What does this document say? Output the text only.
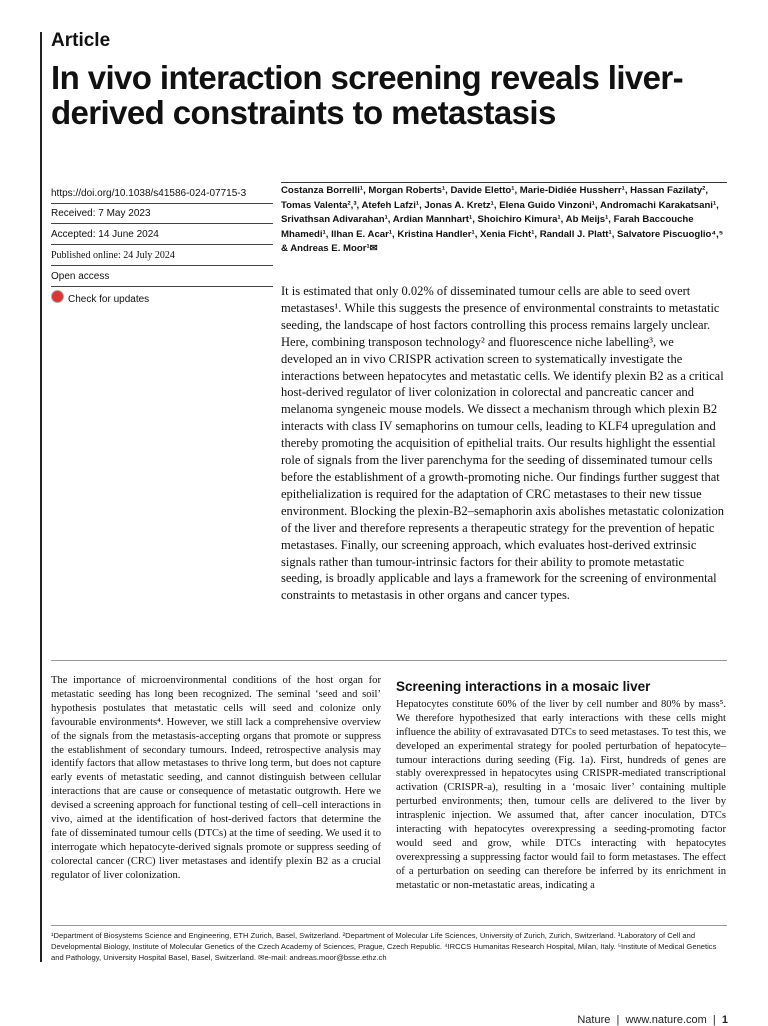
Article
In vivo interaction screening reveals liver-derived constraints to metastasis
https://doi.org/10.1038/s41586-024-07715-3
Received: 7 May 2023
Accepted: 14 June 2024
Published online: 24 July 2024
Open access
Check for updates
Costanza Borrelli¹, Morgan Roberts¹, Davide Eletto¹, Marie-Didiée Hussherr¹, Hassan Fazilaty², Tomas Valenta²,³, Atefeh Lafzi¹, Jonas A. Kretz¹, Elena Guido Vinzoni¹, Andromachi Karakatsani¹, Srivathsan Adivarahan¹, Ardian Mannhart¹, Shoichiro Kimura¹, Ab Meijs¹, Farah Baccouche Mhamedi¹, Ilhan E. Acar¹, Kristina Handler¹, Xenia Ficht¹, Randall J. Platt¹, Salvatore Piscuoglio⁴,⁵ & Andreas E. Moor¹✉
It is estimated that only 0.02% of disseminated tumour cells are able to seed overt metastases¹. While this suggests the presence of environmental constraints to metastatic seeding, the landscape of host factors controlling this process remains largely unclear. Here, combining transposon technology² and fluorescence niche labelling³, we developed an in vivo CRISPR activation screen to systematically investigate the interactions between hepatocytes and metastatic cells. We identify plexin B2 as a critical host-derived regulator of liver colonization in colorectal and pancreatic cancer and melanoma syngeneic mouse models. We dissect a mechanism through which plexin B2 interacts with class IV semaphorins on tumour cells, leading to KLF4 upregulation and thereby promoting the acquisition of epithelial traits. Our results highlight the essential role of signals from the liver parenchyma for the seeding of disseminated tumour cells before the establishment of a growth-promoting niche. Our findings further suggest that epithelialization is required for the adaptation of CRC metastases to their new tissue environment. Blocking the plexin-B2–semaphorin axis abolishes metastatic colonization of the liver and therefore represents a therapeutic strategy for the prevention of hepatic metastases. Finally, our screening approach, which evaluates host-derived extrinsic signals rather than tumour-intrinsic factors for their ability to promote metastatic seeding, is broadly applicable and lays a framework for the screening of environmental constraints to metastasis in other organs and cancer types.
The importance of microenvironmental conditions of the host organ for metastatic seeding has long been recognized. The seminal ‘seed and soil’ hypothesis postulates that metastatic cells will seed and colonize only favourable environments⁴. However, we still lack a comprehensive overview of the signals from the metastasis-accepting organs that promote or suppress the establishment of secondary tumours. Indeed, retrospective analysis may identify factors that allow metastases to thrive long term, but does not capture early events of metastatic seeding, and cannot distinguish between cellular interactions that are cause or consequence of metastatic outgrowth. Here we devised a screening approach for functional testing of cell–cell interactions in vivo, aimed at the identification of host-derived factors that determine the fate of disseminated tumour cells (DTCs) at the time of seeding. We used it to interrogate which hepatocyte-derived signals promote or suppress seeding of colorectal cancer (CRC) liver metastases and identify plexin B2 as a crucial regulator of liver colonization.
Screening interactions in a mosaic liver
Hepatocytes constitute 60% of the liver by cell number and 80% by mass⁵. We therefore hypothesized that early interactions with these cells might influence the ability of extravasated DTCs to seed metastases. To test this, we developed an experimental strategy for pooled perturbation of hepatocyte–tumour interactions during seeding (Fig. 1a). First, hundreds of genes are stably overexpressed in hepatocytes using CRISPR-mediated transcriptional activation (CRISPR-a), resulting in a ‘mosaic liver’ containing multiple perturbed environments; then, tumour cells are delivered to the liver by intrasplenic injection. We assumed that, after cancer inoculation, DTCs interacting with hepatocytes overexpressing a seeding-promoting factor would seed and grow, while DTCs interacting with hepatocytes overexpressing a suppressing factor would fail to form metastases. The effect of a perturbation on seeding can therefore be inferred by its enrichment in metastatic or non-metastatic areas, indicating a
¹Department of Biosystems Science and Engineering, ETH Zurich, Basel, Switzerland. ²Department of Molecular Life Sciences, University of Zurich, Zurich, Switzerland. ³Laboratory of Cell and Developmental Biology, Institute of Molecular Genetics of the Czech Academy of Sciences, Prague, Czech Republic. ⁴IRCCS Humanitas Research Hospital, Milan, Italy. ⁵Institute of Medical Genetics and Pathology, University Hospital Basel, Basel, Switzerland. ✉e-mail: andreas.moor@bsse.ethz.ch
Nature  |  www.nature.com  |  1
